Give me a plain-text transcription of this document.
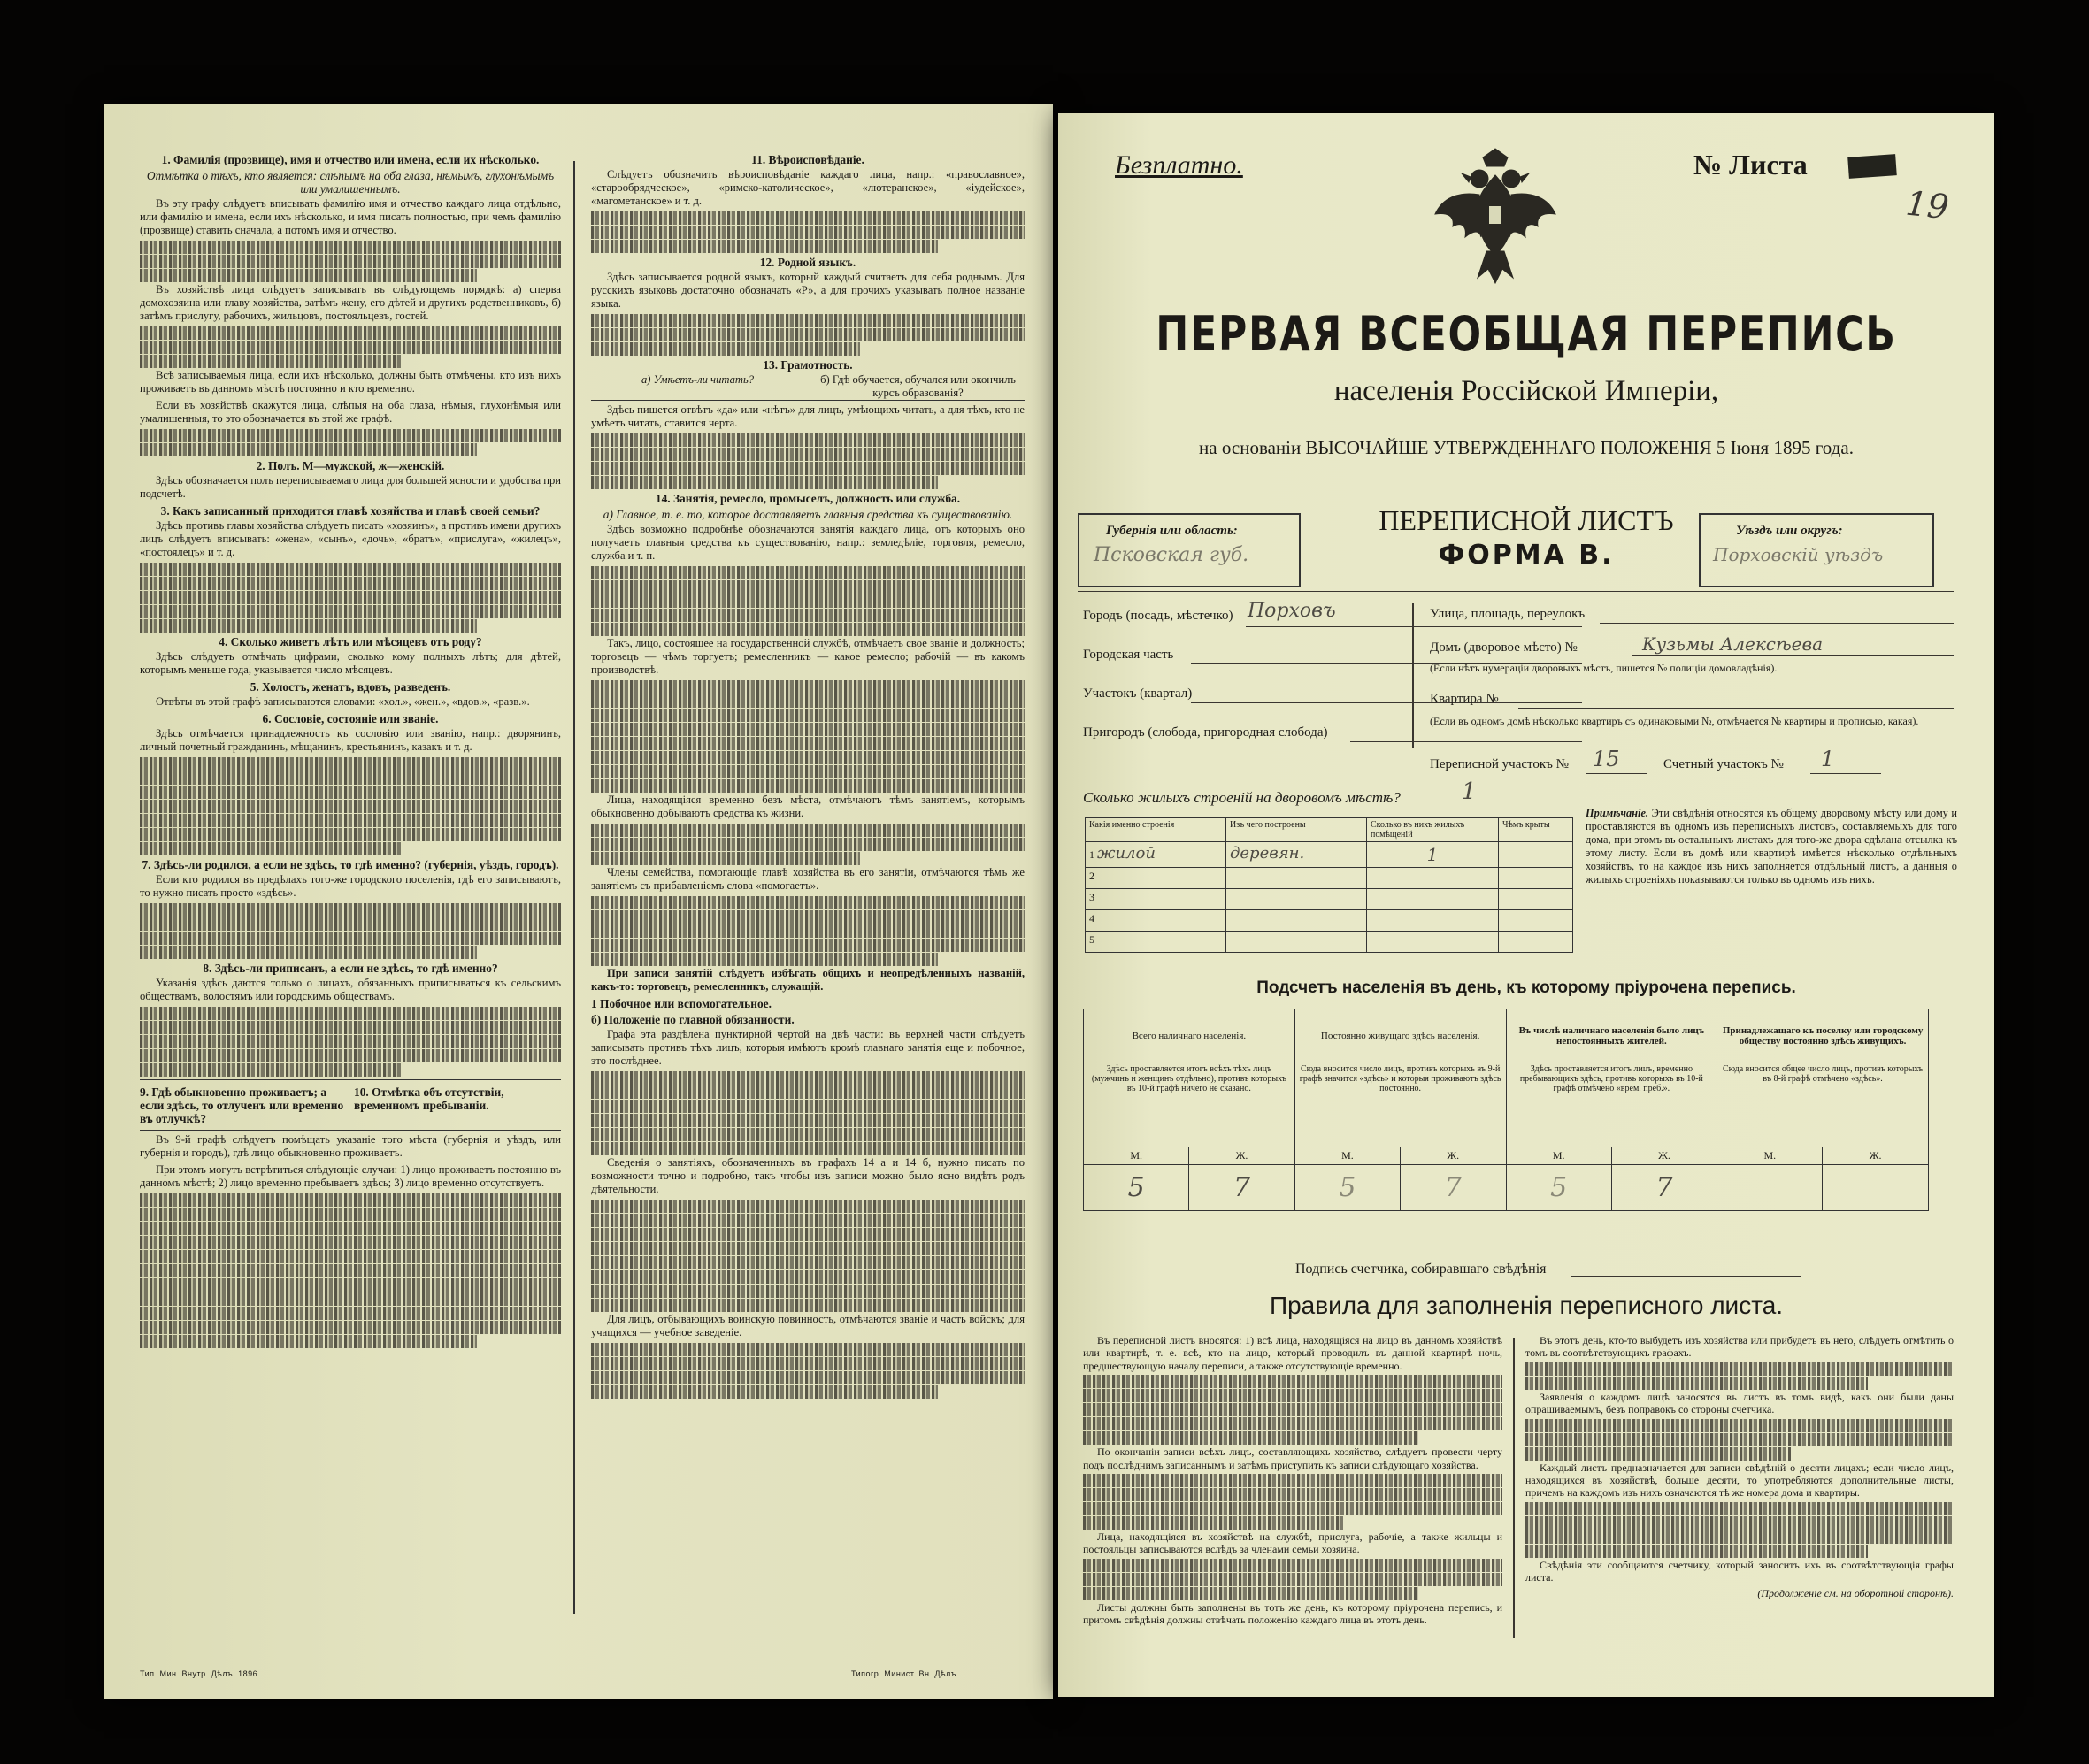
1. Фамилія (прозвище), имя и отчество или имена, если их нѣсколько.
Отмѣтка о тѣхъ, кто является: слѣпымъ на оба глаза, нѣмымъ, глухонѣмымъ или умалишеннымъ.

Въ эту графу слѣдуетъ вписывать фамилію имя и отчество каждаго лица отдѣльно, или фамилію и имена, если ихъ нѣсколько, и имя писать полностью, при чемъ фамилію (прозвище) ставить сначала, а потомъ имя и отчество.

Въ хозяйствѣ лица слѣдуетъ записывать въ слѣдующемъ порядкѣ: а) сперва домохозяина или главу хозяйства, затѣмъ жену, его дѣтей и другихъ родственниковъ, б) затѣмъ прислугу, рабочихъ, жильцовъ, постояльцевъ, гостей.

Всѣ записываемыя лица, если ихъ нѣсколько, должны быть отмѣчены, кто изъ нихъ проживаетъ въ данномъ мѣстѣ постоянно и кто временно.

Если въ хозяйствѣ окажутся лица, слѣпыя на оба глаза, нѣмыя, глухонѣмыя или умалишенныя, то это обозначается въ этой же графѣ.

2. Полъ. М—мужской, ж—женскій.

Здѣсь обозначается полъ переписываемаго лица для большей ясности и удобства при подсчетѣ.

3. Какъ записанный приходится главѣ хозяйства и главѣ своей семьи?

Здѣсь противъ главы хозяйства слѣдуетъ писать «хозяинъ», а противъ имени другихъ лицъ слѣдуетъ вписывать: «жена», «сынъ», «дочь», «братъ», «прислуга», «жилецъ», «постоялецъ» и т. д.

4. Сколько живетъ лѣтъ или мѣсяцевъ отъ роду?

Здѣсь слѣдуетъ отмѣчать цифрами, сколько кому полныхъ лѣтъ; для дѣтей, которымъ меньше года, указывается число мѣсяцевъ.

5. Холостъ, женатъ, вдовъ, разведенъ.

Отвѣты въ этой графѣ записываются словами: «хол.», «жен.», «вдов.», «разв.».

6. Сословіе, состояніе или званіе.

Здѣсь отмѣчается принадлежность къ сословію или званію, напр.: дворянинъ, личный почетный гражданинъ, мѣщанинъ, крестьянинъ, казакъ и т. д.

7. Здѣсь-ли родился, а если не здѣсь, то гдѣ именно? (губернія, уѣздъ, городъ).

Если кто родился въ предѣлахъ того-же городского поселенія, гдѣ его записываютъ, то нужно писать просто «здѣсь».

8. Здѣсь-ли приписанъ, а если не здѣсь, то гдѣ именно?

Указанія здѣсь даются только о лицахъ, обязанныхъ приписываться къ сельскимъ обществамъ, волостямъ или городскимъ обществамъ.

9. Гдѣ обыкновенно проживаетъ; а если здѣсь, то отлученъ или временно въ отлучкѣ?
10. Отмѣтка объ отсутствіи, временномъ пребываніи.

Въ 9-й графѣ слѣдуетъ помѣщать указаніе того мѣста (губернія и уѣздъ, или губернія и городъ), гдѣ лицо обыкновенно проживаетъ.

При этомъ могутъ встрѣтиться слѣдующіе случаи: 1) лицо проживаетъ постоянно въ данномъ мѣстѣ; 2) лицо временно пребываетъ здѣсь; 3) лицо временно отсутствуетъ.

11. Вѣроисповѣданіе.

Слѣдуетъ обозначить вѣроисповѣданіе каждаго лица, напр.: «православное», «старообрядческое», «римско-католическое», «лютеранское», «іудейское», «магометанское» и т. д.

12. Родной языкъ.

Здѣсь записывается родной языкъ, который каждый считаетъ для себя роднымъ. Для русскихъ языковъ достаточно обозначать «Р», а для прочихъ указывать полное названіе языка.

13. Грамотность.
а) Умѣетъ-ли читать?	б) Гдѣ обучается, обучался или окончилъ курсъ образованія?

Здѣсь пишется отвѣтъ «да» или «нѣтъ» для лицъ, умѣющихъ читать, а для тѣхъ, кто не умѣетъ читать, ставится черта.

14. Занятія, ремесло, промыселъ, должность или служба.
а) Главное, т. е. то, которое доставляетъ главныя средства къ существованію.

Здѣсь возможно подробнѣе обозначаются занятія каждаго лица, отъ которыхъ оно получаетъ главныя средства къ существованію, напр.: земледѣліе, торговля, ремесло, служба и т. п.

Такъ, лицо, состоящее на государственной службѣ, отмѣчаетъ свое званіе и должность; торговецъ — чѣмъ торгуетъ; ремесленникъ — какое ремесло; рабочій — въ какомъ производствѣ.

Лица, находящіяся временно безъ мѣста, отмѣчаютъ тѣмъ занятіемъ, которымъ обыкновенно добываютъ средства къ жизни.

Члены семейства, помогающіе главѣ хозяйства въ его занятіи, отмѣчаются тѣмъ же занятіемъ съ прибавленіемъ слова «помогаетъ».

При записи занятій слѣдуетъ избѣгать общихъ и неопредѣленныхъ названій, какъ-то: торговецъ, ремесленникъ, служащій.

1 Побочное или вспомогательное.
б) Положеніе по главной обязанности.

Графа эта раздѣлена пунктирной чертой на двѣ части: въ верхней части слѣдуетъ записывать противъ тѣхъ лицъ, которыя имѣютъ кромѣ главнаго занятія еще и побочное, это послѣднее.

Сведенія о занятіяхъ, обозначенныхъ въ графахъ 14 а и 14 б, нужно писать по возможности точно и подробно, такъ чтобы изъ записи можно было ясно видѣть родъ дѣятельности.

Для лицъ, отбывающихъ воинскую повинность, отмѣчаются званіе и часть войскъ; для учащихся — учебное заведеніе.

Тип. Мин. Внутр. Дѣлъ. 1896.	Типогр. Минист. Вн. Дѣлъ.
Безплатно.	№ Листа
19
ПЕРВАЯ ВСЕОБЩАЯ ПЕРЕПИСЬ
населенія Россійской Имперіи,
на основаніи ВЫСОЧАЙШЕ УТВЕРЖДЕННАГО ПОЛОЖЕНІЯ 5 Іюня 1895 года.
Губернія или область:
Псковская губ.
ПЕРЕПИСНОЙ ЛИСТЪ
ФОРМА В.
Уѣздъ или округъ:
Порховскій уѣздъ
Городъ (посадъ, мѣстечко) Порховъ
Городская часть
Участокъ (квартал)
Пригородъ (слобода, пригородная слобода)
Улица, площадь, переулокъ
Домъ (дворовое мѣсто) №	Кузьмы Алексѣева
(Если нѣтъ нумераціи дворовыхъ мѣстъ, пишется № полиціи домовладѣнія).
Квартира №
(Если въ одномъ домѣ нѣсколько квартиръ съ одинаковыми №, отмѣчается № квартиры и прописью, какая).
Переписной участокъ № 15	Счетный участокъ № 1
Сколько жилыхъ строеній на дворовомъ мѣстѣ?	1
Какія именно строенія	Изъ чего построены	Сколько въ нихъ жилыхъ помѣщеній	Чѣмъ крыты
1 жилой	деревян.	1	
2			
3			
4			
5			
Примѣчаніе. Эти свѣдѣнія относятся къ общему дворовому мѣсту или дому и проставляются въ одномъ изъ переписныхъ листовъ, составляемыхъ для того дома, при этомъ въ остальныхъ листахъ для того-же двора сдѣлана отсылка къ этому листу. Если въ домѣ или квартирѣ имѣется нѣсколько отдѣльныхъ хозяйствъ, то на каждое изъ нихъ заполняется отдѣльный листъ, а данныя о жилыхъ строеніяхъ показываются только въ одномъ изъ нихъ.
Подсчетъ населенія въ день, къ которому пріурочена перепись.
Всего наличнаго населенія.		Постоянно живущаго здѣсь населенія.		Въ числѣ наличнаго населенія было лицъ непостоянныхъ жителей.		Принадлежащаго къ поселку или городскому обществу постоянно здѣсь живущихъ.	
Здѣсь проставляется итогъ всѣхъ тѣхъ лицъ (мужчинъ и женщинъ отдѣльно), противъ которыхъ въ 10-й графѣ ничего не сказано.		Сюда вносится число лицъ, противъ которыхъ въ 9-й графѣ значится «здѣсь» и которыя проживаютъ здѣсь постоянно.		Здѣсь проставляется итогъ лицъ, временно пребывающихъ здѣсь, противъ которыхъ въ 10-й графѣ отмѣчено «врем. преб.».		Сюда вносится общее число лицъ, противъ которыхъ въ 8-й графѣ отмѣчено «здѣсь».	
М.	Ж.	М.	Ж.	М.	Ж.	М.	Ж.
5	7	5	7	5	7		
Подпись счетчика, собиравшаго свѣдѣнія
Правила для заполненія переписного листа.

Въ переписной листъ вносятся: 1) всѣ лица, находящіяся на лицо въ данномъ хозяйствѣ или квартирѣ, т. е. всѣ, кто на лицо, который проводилъ въ данной квартирѣ ночь, предшествующую началу переписи, а также отсутствующіе временно.

По окончаніи записи всѣхъ лицъ, составляющихъ хозяйство, слѣдуетъ провести черту подъ послѣднимъ записаннымъ и затѣмъ приступить къ записи слѣдующаго хозяйства.

Лица, находящіяся въ хозяйствѣ на службѣ, прислуга, рабочіе, а также жильцы и постояльцы записываются вслѣдъ за членами семьи хозяина.

Листы должны быть заполнены въ тотъ же день, къ которому пріурочена перепись, и притомъ свѣдѣнія должны отвѣчать положенію каждаго лица въ этотъ день.

Въ этотъ день, кто-то выбудетъ изъ хозяйства или прибудетъ въ него, слѣдуетъ отмѣтить о томъ въ соотвѣтствующихъ графахъ.

Заявленія о каждомъ лицѣ заносятся въ листъ въ томъ видѣ, какъ они были даны опрашиваемымъ, безъ поправокъ со стороны счетчика.

Каждый листъ предназначается для записи свѣдѣній о десяти лицахъ; если число лицъ, находящихся въ хозяйствѣ, больше десяти, то употребляются дополнительные листы, причемъ на каждомъ изъ нихъ означаются тѣ же номера дома и квартиры.

Свѣдѣнія эти сообщаются счетчику, который заноситъ ихъ въ соотвѣтствующія графы листа.

(Продолженіе см. на оборотной сторонѣ).
